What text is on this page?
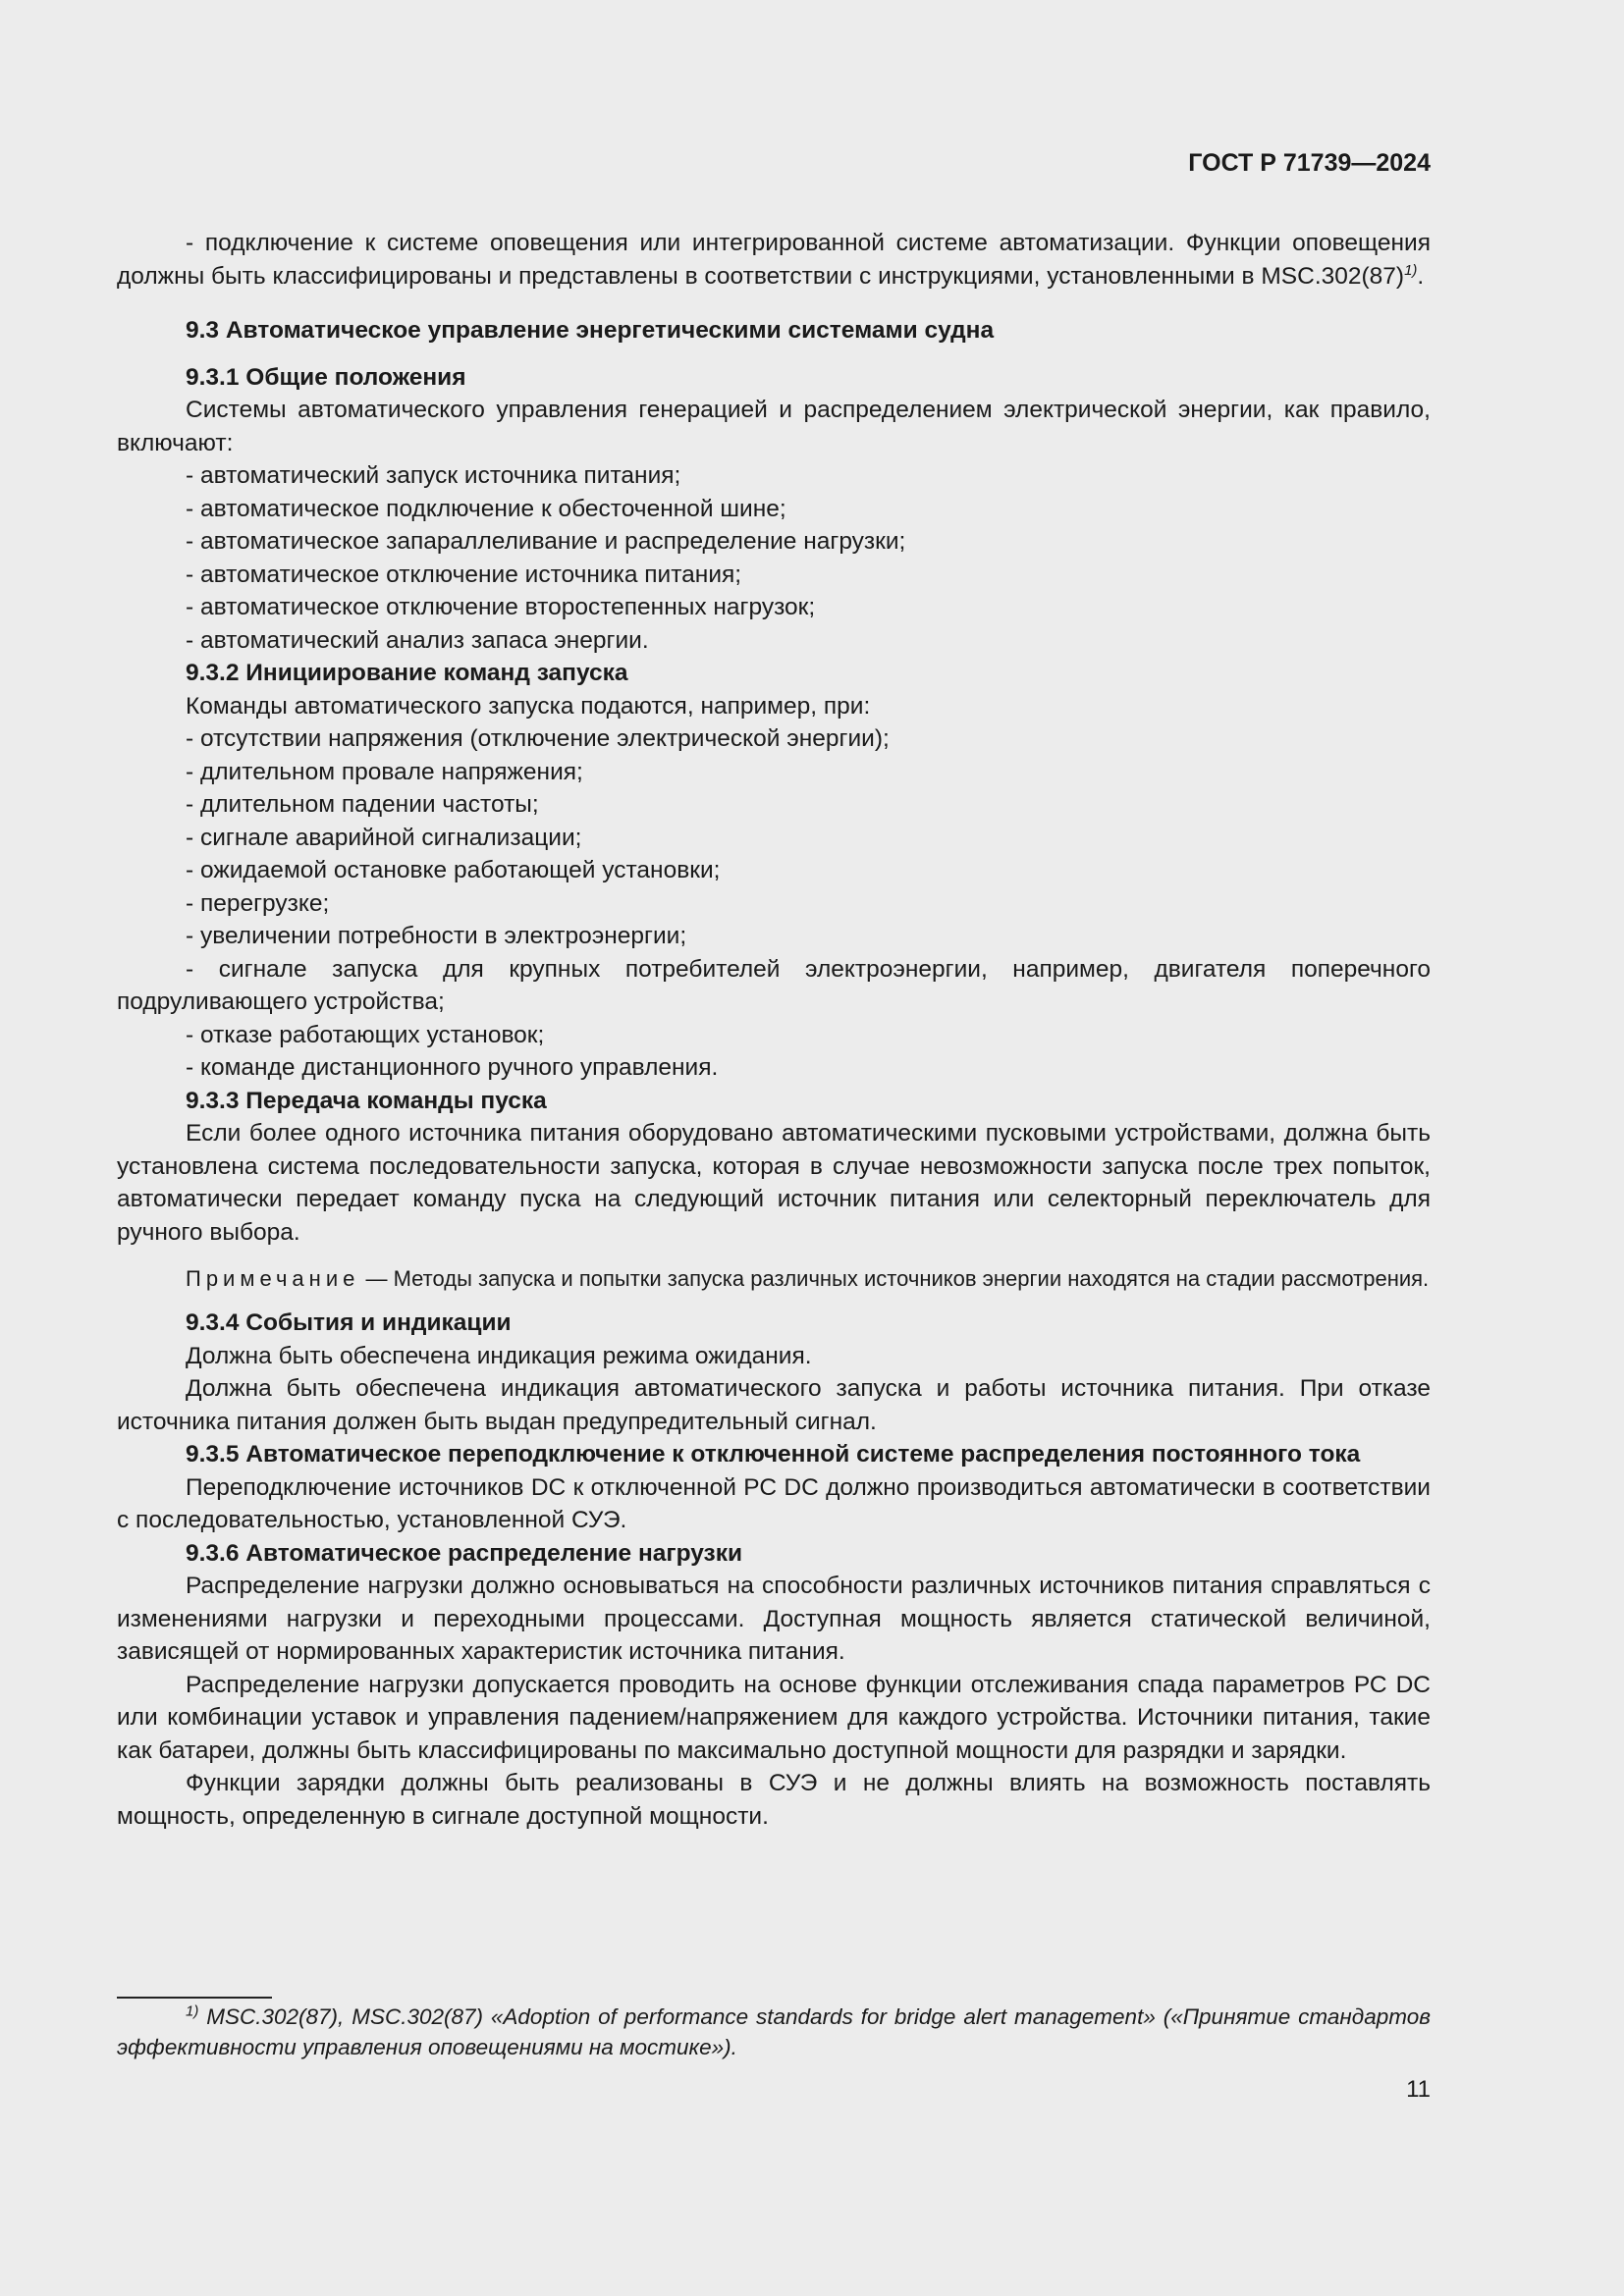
ГОСТ Р 71739—2024

- подключение к системе оповещения или интегрированной системе автоматизации. Функции оповещения должны быть классифицированы и представлены в соответствии с инструкциями, установленными в $MSC.302(87)^{1)}$.

9.3 Автоматическое управление энергетическими системами судна

9.3.1 Общие положения

Системы автоматического управления генерацией и распределением электрической энергии, как правило, включают:

- автоматический запуск источника питания;

- автоматическое подключение к обесточенной шине;

- автоматическое запараллеливание и распределение нагрузки;

- автоматическое отключение источника питания;

- автоматическое отключение второстепенных нагрузок;

- автоматический анализ запаса энергии.

9.3.2 Инициирование команд запуска

Команды автоматического запуска подаются, например, при:

- отсутствии напряжения (отключение электрической энергии);

- длительном провале напряжения;

- длительном падении частоты;

- сигнале аварийной сигнализации;

- ожидаемой остановке работающей установки;

- перегрузке;

- увеличении потребности в электроэнергии;

- сигнале запуска для крупных потребителей электроэнергии, например, двигателя поперечного подруливающего устройства;

- отказе работающих установок;

- команде дистанционного ручного управления.

9.3.3 Передача команды пуска

Если более одного источника питания оборудовано автоматическими пусковыми устройствами, должна быть установлена система последовательности запуска, которая в случае невозможности запуска после трех попыток, автоматически передает команду пуска на следующий источник питания или селекторный переключатель для ручного выбора.

Примечание — Методы запуска и попытки запуска различных источников энергии находятся на стадии рассмотрения.

9.3.4 События и индикации

Должна быть обеспечена индикация режима ожидания.

Должна быть обеспечена индикация автоматического запуска и работы источника питания. При отказе источника питания должен быть выдан предупредительный сигнал.

9.3.5 Автоматическое переподключение к отключенной системе распределения постоянного тока

Переподключение источников DC к отключенной РС DC должно производиться автоматически в соответствии с последовательностью, установленной СУЭ.

9.3.6 Автоматическое распределение нагрузки

Распределение нагрузки должно основываться на способности различных источников питания справляться с изменениями нагрузки и переходными процессами. Доступная мощность является статической величиной, зависящей от нормированных характеристик источника питания.

Распределение нагрузки допускается проводить на основе функции отслеживания спада параметров РС DC или комбинации уставок и управления падением/напряжением для каждого устройства. Источники питания, такие как батареи, должны быть классифицированы по максимально доступной мощности для разрядки и зарядки.

Функции зарядки должны быть реализованы в СУЭ и не должны влиять на возможность поставлять мощность, определенную в сигнале доступной мощности.

$^{1)}$ MSC.302(87), MSC.302(87) «Adoption of performance standards for bridge alert management» («Принятие стандартов эффективности управления оповещениями на мостике»).

11
